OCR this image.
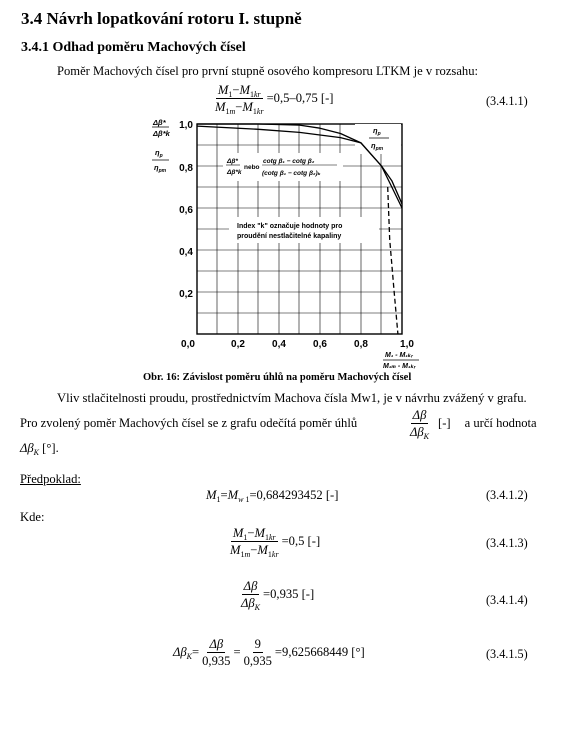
3.4 Návrh lopatkování rotoru I. stupně
3.4.1 Odhad poměru Machových čísel
Poměr Machových čísel pro první stupně osového kompresoru LTKM je v rozsahu:
$\frac{M_1-M_{1kr}}{M_{1m}-M_{1kr}} =0,5-0,75$ [-]	(3.4.1.1)
Δβ*
Δβ*k
$\eta_p$
$\eta_{pm}$
Δβ*
Δβ*k
nebo
cotg β₁ − cotg β₂
(cotg β₁ − cotg β₂)ₖ
Index "k" označuje hodnoty pro
proudění nestlačitelné kapaliny
$\eta_p$
$\eta_{pm}$
1,0
0,8
0,6
0,4
0,2
0,0	0,2	0,4	0,6	0,8	1,0
M₁ - M₁ₖᵣ
M₁ₘ - M₁ₖᵣ
Obr. 16: Závislost poměru úhlů na poměru Machových čísel
Vliv stlačitelnosti proudu, prostřednictvím Machova čísla Mw1, je v návrhu zvážený v grafu.
Pro zvolený poměr Machových čísel se z grafu odečítá poměr úhlů	$\frac{\Delta\beta}{\Delta\beta_K}$ [-] a určí hodnota
$\Delta\beta_K$ [°].
Předpoklad:
$M_1=M_{w 1}=0,684293452$ [-]	(3.4.1.2)
Kde:
$\frac{M_1-M_{1kr}}{M_{1m}-M_{1kr}} =0,5$ [-]	(3.4.1.3)
$\frac{\Delta\beta}{\Delta\beta_K} =0,935$ [-]	(3.4.1.4)
$\Delta\beta_K= \frac{\Delta\beta}{0,935} = \frac{9}{0,935} =9,625668449$ [°]	(3.4.1.5)
